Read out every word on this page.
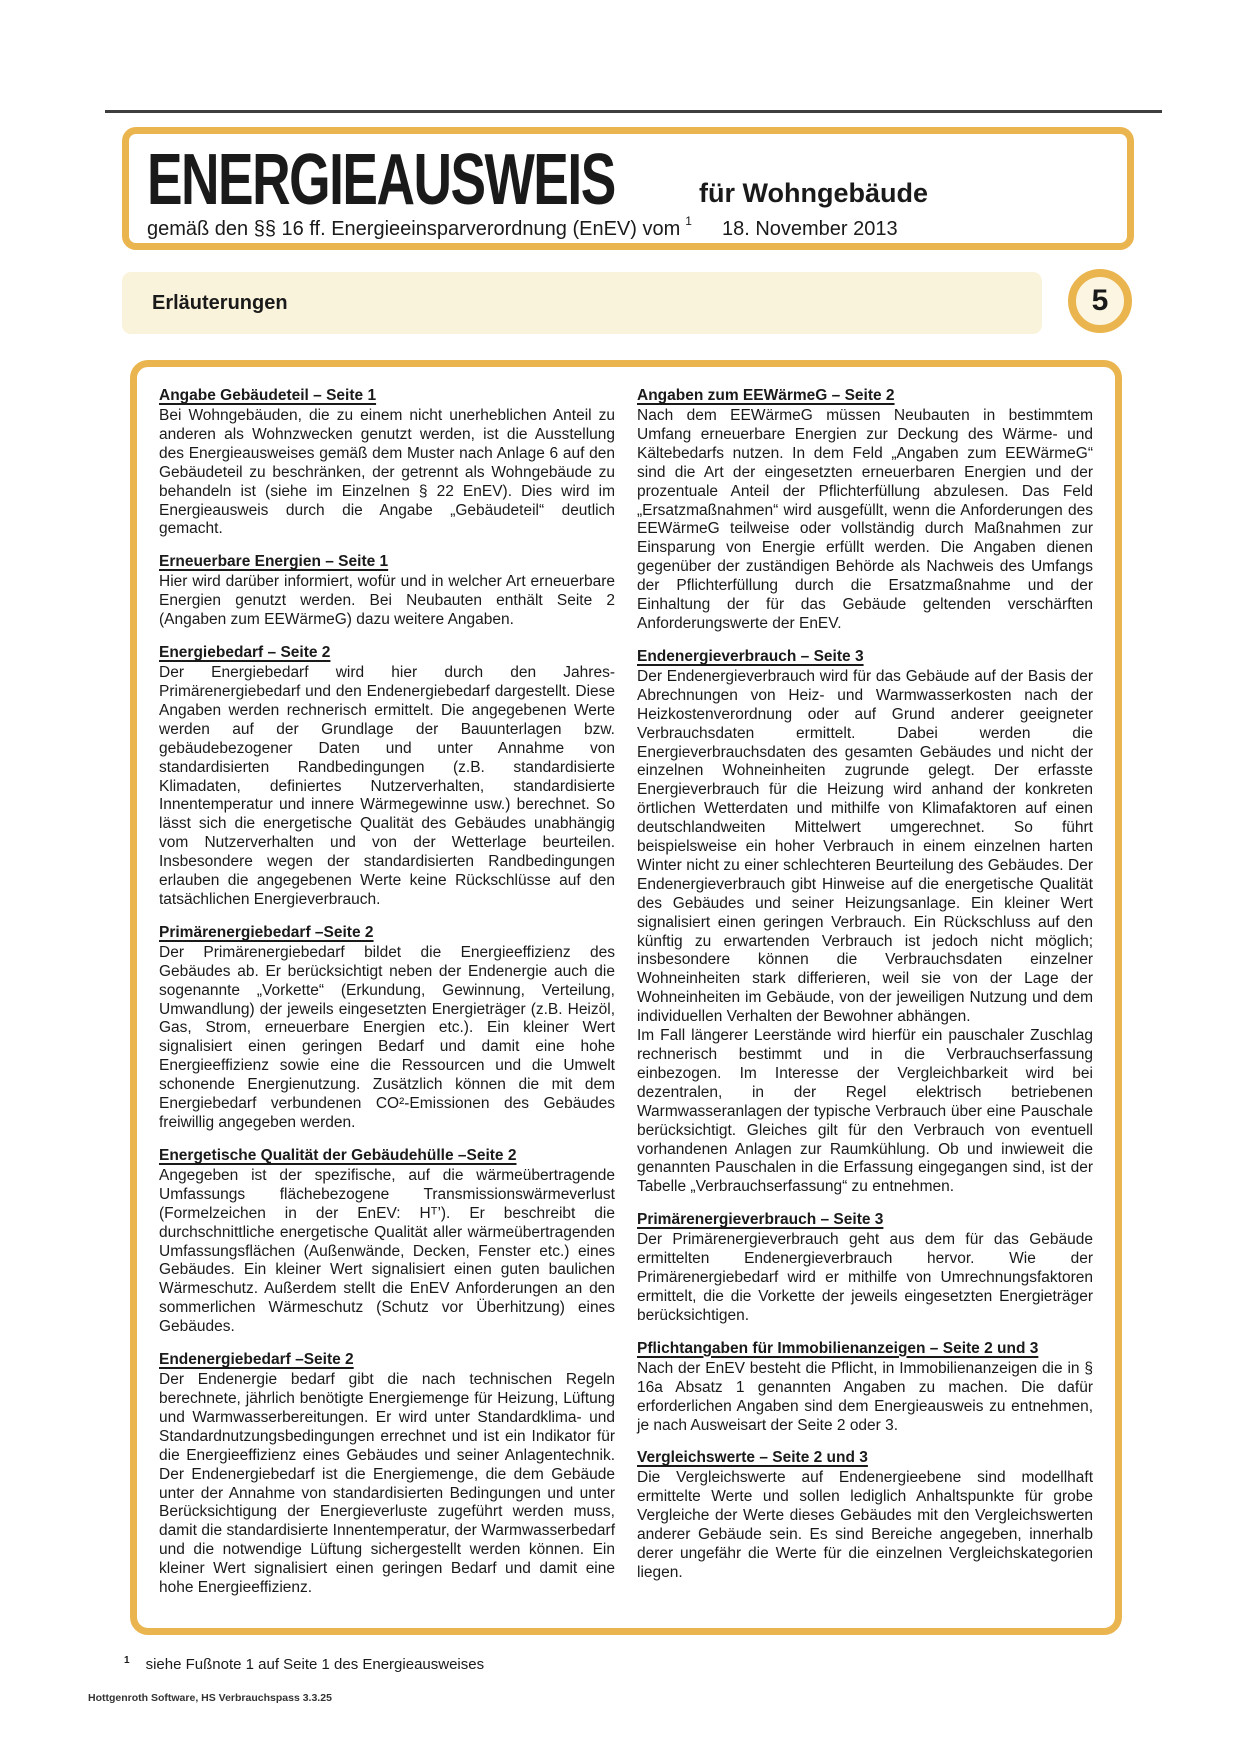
ENERGIEAUSWEIS	für Wohngebäude
gemäß den §§ 16 ff. Energieeinsparverordnung (EnEV) vom 1 18. November 2013
Erläuterungen	5
Angabe Gebäudeteil – Seite 1

Bei Wohngebäuden, die zu einem nicht unerheblichen Anteil zu anderen als Wohnzwecken genutzt werden, ist die Ausstellung des Energieausweises gemäß dem Muster nach Anlage 6 auf den Gebäudeteil zu beschränken, der getrennt als Wohngebäude zu behandeln ist (siehe im Einzelnen § 22 EnEV). Dies wird im Energieausweis durch die Angabe „Gebäudeteil“ deutlich gemacht.

Erneuerbare Energien – Seite 1

Hier wird darüber informiert, wofür und in welcher Art erneuerbare Energien genutzt werden. Bei Neubauten enthält Seite 2 (Angaben zum EEWärmeG) dazu weitere Angaben.

Energiebedarf – Seite 2

Der Energiebedarf wird hier durch den Jahres-Primärenergiebedarf und den Endenergiebedarf dargestellt. Diese Angaben werden rechnerisch ermittelt. Die angegebenen Werte werden auf der Grundlage der Bauunterlagen bzw. gebäudebezogener Daten und unter Annahme von standardisierten Randbedingungen (z.B. standardisierte Klimadaten, definiertes Nutzerverhalten, standardisierte Innentemperatur und innere Wärmegewinne usw.) berechnet. So lässt sich die energetische Qualität des Gebäudes unabhängig vom Nutzerverhalten und von der Wetterlage beurteilen. Insbesondere wegen der standardisierten Randbedingungen erlauben die angegebenen Werte keine Rückschlüsse auf den tatsächlichen Energieverbrauch.

Primärenergiebedarf –Seite 2

Der Primärenergiebedarf bildet die Energieeffizienz des Gebäudes ab. Er berücksichtigt neben der Endenergie auch die sogenannte „Vorkette“ (Erkundung, Gewinnung, Verteilung, Umwandlung) der jeweils eingesetzten Energieträger (z.B. Heizöl, Gas, Strom, erneuerbare Energien etc.). Ein kleiner Wert signalisiert einen geringen Bedarf und damit eine hohe Energieeffizienz sowie eine die Ressourcen und die Umwelt schonende Energienutzung. Zusätzlich können die mit dem Energiebedarf verbundenen CO²-Emissionen des Gebäudes freiwillig angegeben werden.

Energetische Qualität der Gebäudehülle –Seite 2

Angegeben ist der spezifische, auf die wärmeübertragende Umfassungs flächebezogene Transmissionswärmeverlust (Formelzeichen in der EnEV: Hᵀ’). Er beschreibt die durchschnittliche energetische Qualität aller wärmeübertragenden Umfassungsflächen (Außenwände, Decken, Fenster etc.) eines Gebäudes. Ein kleiner Wert signalisiert einen guten baulichen Wärmeschutz. Außerdem stellt die EnEV Anforderungen an den sommerlichen Wärmeschutz (Schutz vor Überhitzung) eines Gebäudes.

Endenergiebedarf –Seite 2

Der Endenergie bedarf gibt die nach technischen Regeln berechnete, jährlich benötigte Energiemenge für Heizung, Lüftung und Warmwasserbereitungen. Er wird unter Standardklima- und Standardnutzungsbedingungen errechnet und ist ein Indikator für die Energieeffizienz eines Gebäudes und seiner Anlagentechnik. Der Endenergiebedarf ist die Energiemenge, die dem Gebäude unter der Annahme von standardisierten Bedingungen und unter Berücksichtigung der Energieverluste zugeführt werden muss, damit die standardisierte Innentemperatur, der Warmwasserbedarf und die notwendige Lüftung sichergestellt werden können. Ein kleiner Wert signalisiert einen geringen Bedarf und damit eine hohe Energieeffizienz.

Angaben zum EEWärmeG – Seite 2

Nach dem EEWärmeG müssen Neubauten in bestimmtem Umfang erneuerbare Energien zur Deckung des Wärme- und Kältebedarfs nutzen. In dem Feld „Angaben zum EEWärmeG“ sind die Art der eingesetzten erneuerbaren Energien und der prozentuale Anteil der Pflichterfüllung abzulesen. Das Feld „Ersatzmaßnahmen“ wird ausgefüllt, wenn die Anforderungen des EEWärmeG teilweise oder vollständig durch Maßnahmen zur Einsparung von Energie erfüllt werden. Die Angaben dienen gegenüber der zuständigen Behörde als Nachweis des Umfangs der Pflichterfüllung durch die Ersatzmaßnahme und der Einhaltung der für das Gebäude geltenden verschärften Anforderungswerte der EnEV.

Endenergieverbrauch – Seite 3

Der Endenergieverbrauch wird für das Gebäude auf der Basis der Abrechnungen von Heiz- und Warmwasserkosten nach der Heizkostenverordnung oder auf Grund anderer geeigneter Verbrauchsdaten ermittelt. Dabei werden die Energieverbrauchsdaten des gesamten Gebäudes und nicht der einzelnen Wohneinheiten zugrunde gelegt. Der erfasste Energieverbrauch für die Heizung wird anhand der konkreten örtlichen Wetterdaten und mithilfe von Klimafaktoren auf einen deutschlandweiten Mittelwert umgerechnet. So führt beispielsweise ein hoher Verbrauch in einem einzelnen harten Winter nicht zu einer schlechteren Beurteilung des Gebäudes. Der Endenergieverbrauch gibt Hinweise auf die energetische Qualität des Gebäudes und seiner Heizungsanlage. Ein kleiner Wert signalisiert einen geringen Verbrauch. Ein Rückschluss auf den künftig zu erwartenden Verbrauch ist jedoch nicht möglich; insbesondere können die Verbrauchsdaten einzelner Wohneinheiten stark differieren, weil sie von der Lage der Wohneinheiten im Gebäude, von der jeweiligen Nutzung und dem individuellen Verhalten der Bewohner abhängen.

Im Fall längerer Leerstände wird hierfür ein pauschaler Zuschlag rechnerisch bestimmt und in die Verbrauchserfassung einbezogen. Im Interesse der Vergleichbarkeit wird bei dezentralen, in der Regel elektrisch betriebenen Warmwasseranlagen der typische Verbrauch über eine Pauschale berücksichtigt. Gleiches gilt für den Verbrauch von eventuell vorhandenen Anlagen zur Raumkühlung. Ob und inwieweit die genannten Pauschalen in die Erfassung eingegangen sind, ist der Tabelle „Verbrauchserfassung“ zu entnehmen.

Primärenergieverbrauch – Seite 3

Der Primärenergieverbrauch geht aus dem für das Gebäude ermittelten Endenergieverbrauch hervor. Wie der Primärenergiebedarf wird er mithilfe von Umrechnungsfaktoren ermittelt, die die Vorkette der jeweils eingesetzten Energieträger berücksichtigen.

Pflichtangaben für Immobilienanzeigen – Seite 2 und 3

Nach der EnEV besteht die Pflicht, in Immobilienanzeigen die in § 16a Absatz 1 genannten Angaben zu machen. Die dafür erforderlichen Angaben sind dem Energieausweis zu entnehmen, je nach Ausweisart der Seite 2 oder 3.

Vergleichswerte – Seite 2 und 3

Die Vergleichswerte auf Endenergieebene sind modellhaft ermittelte Werte und sollen lediglich Anhaltspunkte für grobe Vergleiche der Werte dieses Gebäudes mit den Vergleichswerten anderer Gebäude sein. Es sind Bereiche angegeben, innerhalb derer ungefähr die Werte für die einzelnen Vergleichskategorien liegen.

1 siehe Fußnote 1 auf Seite 1 des Energieausweises
Hottgenroth Software, HS Verbrauchspass 3.3.25
